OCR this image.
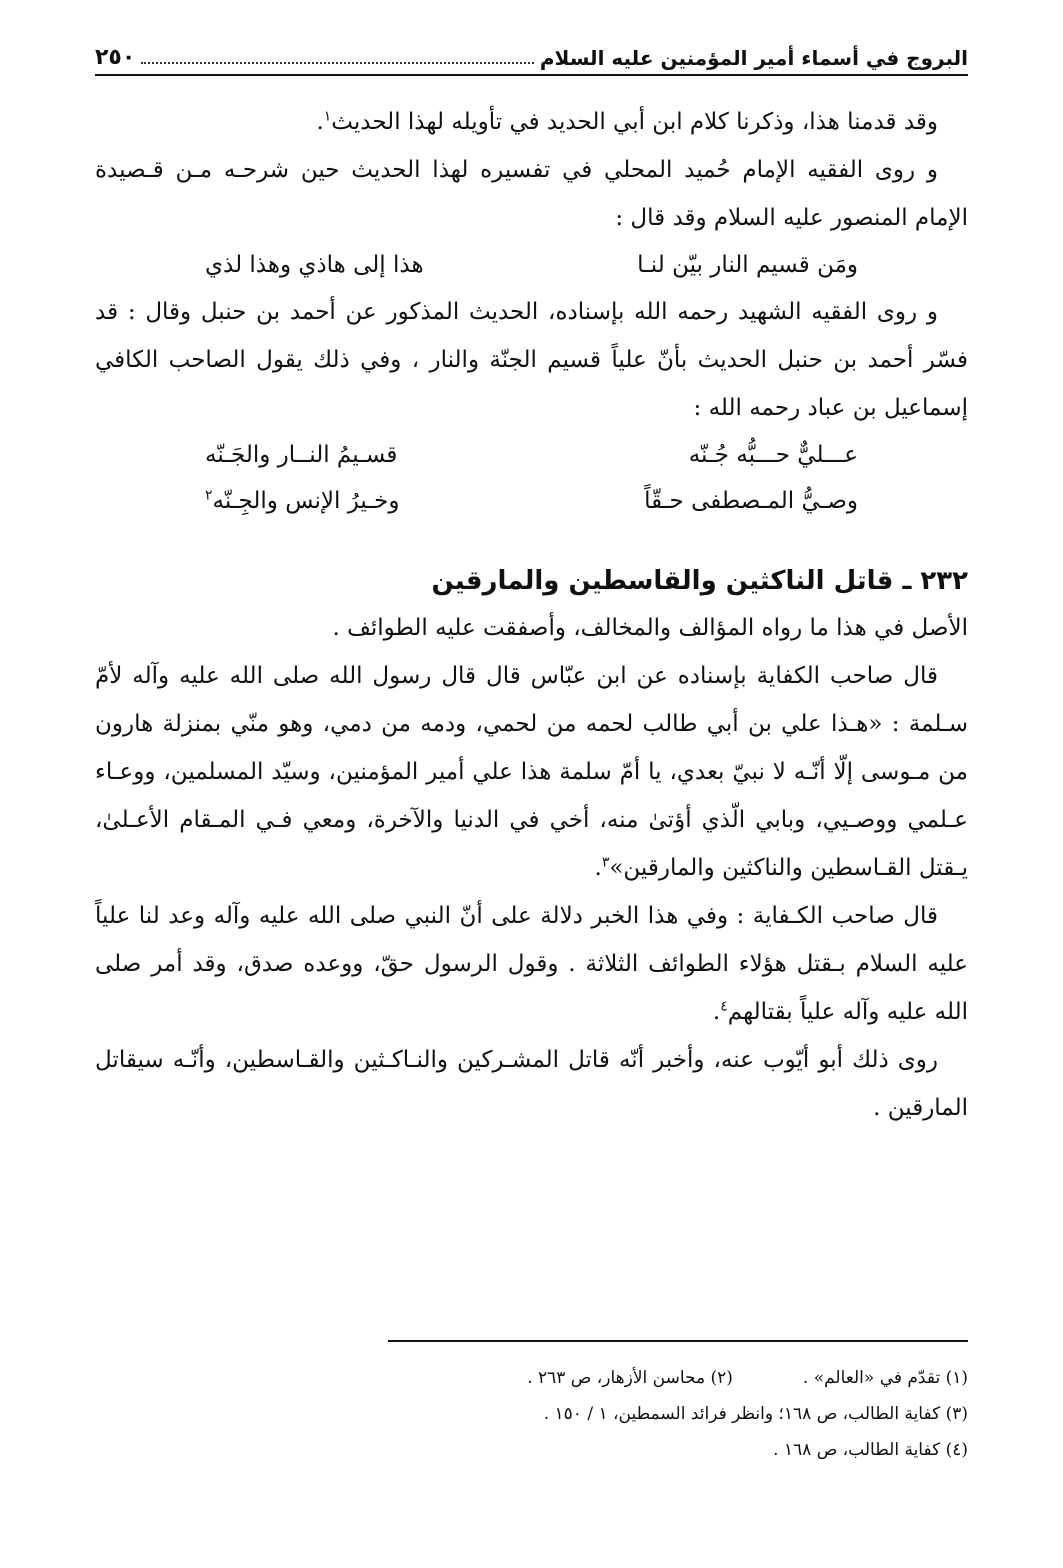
البروج في أسماء أمير المؤمنين عليه السلام
٢٥٠

وقد قدمنا هذا، وذكرنا كلام ابن أبي الحديد في تأويله لهذا الحديث$^١$.

و روى الفقيه الإمام حُميد المحلي في تفسيره لهذا الحديث حين شرحـه مـن قـصيدة الإمام المنصور عليه السلام وقد قال :

ومَن قسيم النار بيّن لنـا
هذا إلى هاذي وهذا لذي

و روى الفقيه الشهيد رحمه الله بإسناده، الحديث المذكور عن أحمد بن حنبل وقال : قد فسّر أحمد بن حنبل الحديث بأنّ علياً قسيم الجنّة والنار ، وفي ذلك يقول الصاحب الكافي إسماعيل بن عباد رحمه الله :

عـــليٌّ حـــبُّه جُـنّه
قسـيمُ النــار والجَـنّه
وصـيُّ المـصطفى حـقّاً
وخـيرُ الإنس والجِـنّه$^٢$
٢٣٢ ـ قاتل الناكثين والقاسطين والمارقين

الأصل في هذا ما رواه المؤالف والمخالف، وأصفقت عليه الطوائف .

قال صاحب الكفاية بإسناده عن ابن عبّاس قال قال رسول الله صلى الله عليه وآله لأمّ سـلمة : «هـذا علي بن أبي طالب لحمه من لحمي، ودمه من دمي، وهو منّي بمنزلة هارون من مـوسى إلّا أنّـه لا نبيّ بعدي، يا أمّ سلمة هذا علي أمير المؤمنين، وسيّد المسلمين، ووعـاء عـلمي ووصـيي، وبابي الّذي أؤتىٰ منه، أخي في الدنيا والآخرة، ومعي فـي المـقام الأعـلىٰ، يـقتل القـاسطين والناكثين والمارقين»$^٣$.

قال صاحب الكـفاية : وفي هذا الخبر دلالة على أنّ النبي صلى الله عليه وآله وعد لنا علياً عليه السلام بـقتل هؤلاء الطوائف الثلاثة . وقول الرسول حقّ، ووعده صدق، وقد أمر صلى الله عليه وآله علياً بقتالهم$^٤$.

روى ذلك أبو أيّوب عنه، وأخبر أنّه قاتل المشـركين والنـاكـثين والقـاسطين، وأنّـه سيقاتل المارقين .

(١) تقدّم في «العالم» .
(٢) محاسن الأزهار، ص ٢٦٣ .
(٣) كفاية الطالب، ص ١٦٨؛ وانظر فرائد السمطين، ١ / ١٥٠ .
(٤) كفاية الطالب، ص ١٦٨ .
